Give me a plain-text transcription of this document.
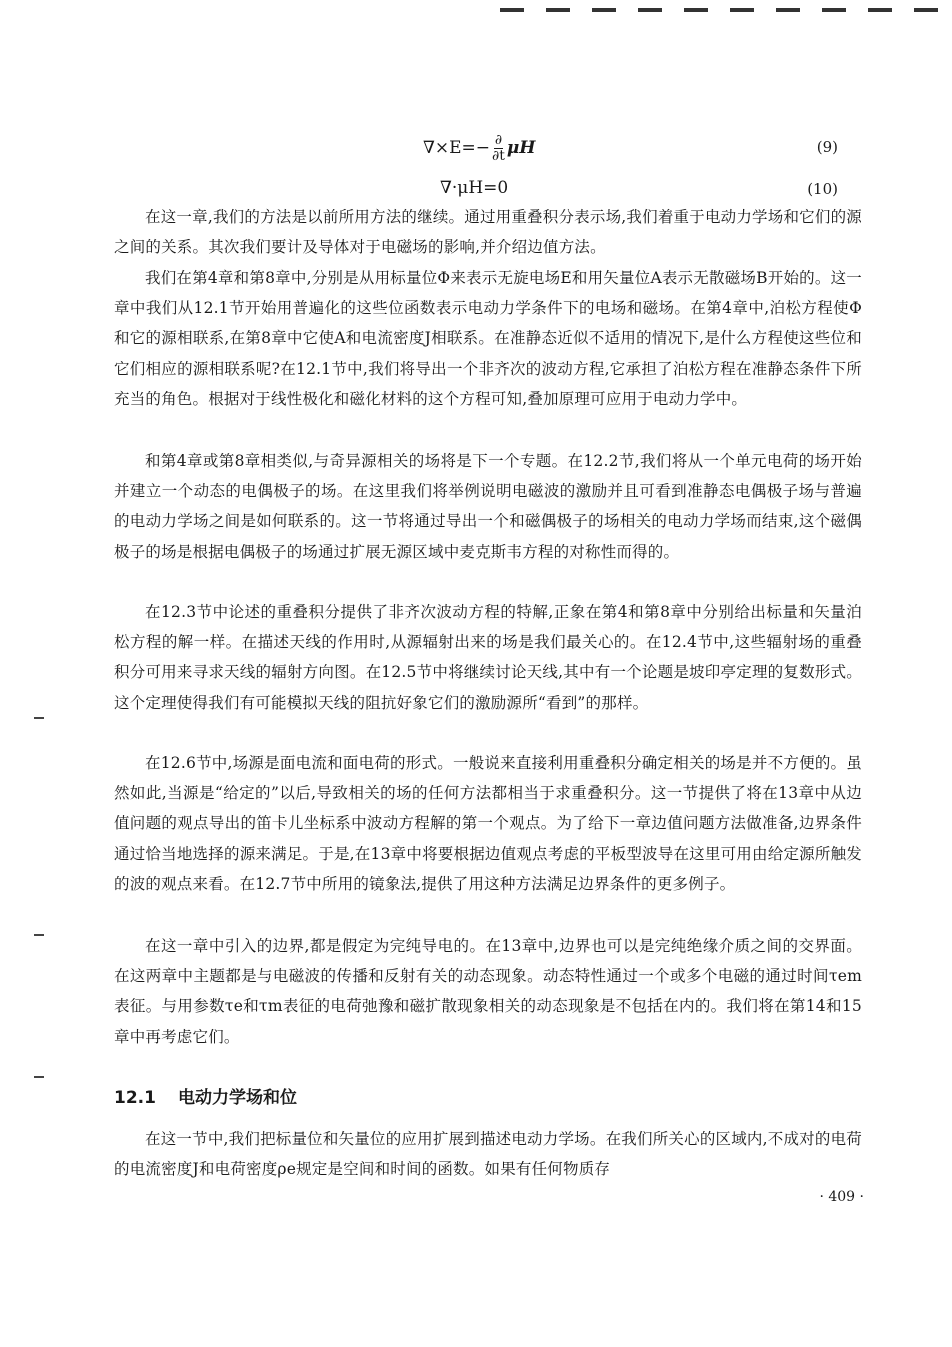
$\nabla\times E=- \frac{\partial}{\partial t}$ μH	(9)
∇·μH=0	(10)
在这一章,我们的方法是以前所用方法的继续。通过用重叠积分表示场,我们着重于电动力学场和它们的源之间的关系。其次我们要计及导体对于电磁场的影响,并介绍边值方法。
我们在第4章和第8章中,分别是从用标量位Φ来表示无旋电场E和用矢量位A表示无散磁场B开始的。这一章中我们从12.1节开始用普遍化的这些位函数表示电动力学条件下的电场和磁场。在第4章中,泊松方程使Φ和它的源相联系,在第8章中它使A和电流密度J相联系。在准静态近似不适用的情况下,是什么方程使这些位和它们相应的源相联系呢?在12.1节中,我们将导出一个非齐次的波动方程,它承担了泊松方程在准静态条件下所充当的角色。根据对于线性极化和磁化材料的这个方程可知,叠加原理可应用于电动力学中。
和第4章或第8章相类似,与奇异源相关的场将是下一个专题。在12.2节,我们将从一个单元电荷的场开始并建立一个动态的电偶极子的场。在这里我们将举例说明电磁波的激励并且可看到准静态电偶极子场与普遍的电动力学场之间是如何联系的。这一节将通过导出一个和磁偶极子的场相关的电动力学场而结束,这个磁偶极子的场是根据电偶极子的场通过扩展无源区域中麦克斯韦方程的对称性而得的。
在12.3节中论述的重叠积分提供了非齐次波动方程的特解,正象在第4和第8章中分别给出标量和矢量泊松方程的解一样。在描述天线的作用时,从源辐射出来的场是我们最关心的。在12.4节中,这些辐射场的重叠积分可用来寻求天线的辐射方向图。在12.5节中将继续讨论天线,其中有一个论题是坡印亭定理的复数形式。这个定理使得我们有可能模拟天线的阻抗好象它们的激励源所“看到”的那样。
在12.6节中,场源是面电流和面电荷的形式。一般说来直接利用重叠积分确定相关的场是并不方便的。虽然如此,当源是“给定的”以后,导致相关的场的任何方法都相当于求重叠积分。这一节提供了将在13章中从边值问题的观点导出的笛卡儿坐标系中波动方程解的第一个观点。为了给下一章边值问题方法做准备,边界条件通过恰当地选择的源来满足。于是,在13章中将要根据边值观点考虑的平板型波导在这里可用由给定源所触发的波的观点来看。在12.7节中所用的镜象法,提供了用这种方法满足边界条件的更多例子。
在这一章中引入的边界,都是假定为完纯导电的。在13章中,边界也可以是完纯绝缘介质之间的交界面。在这两章中主题都是与电磁波的传播和反射有关的动态现象。动态特性通过一个或多个电磁的通过时间τem表征。与用参数τe和τm表征的电荷弛豫和磁扩散现象相关的动态现象是不包括在内的。我们将在第14和15章中再考虑它们。
12.1 电动力学场和位
在这一节中,我们把标量位和矢量位的应用扩展到描述电动力学场。在我们所关心的区域内,不成对的电荷的电流密度J和电荷密度ρe规定是空间和时间的函数。如果有任何物质存
· 409 ·
